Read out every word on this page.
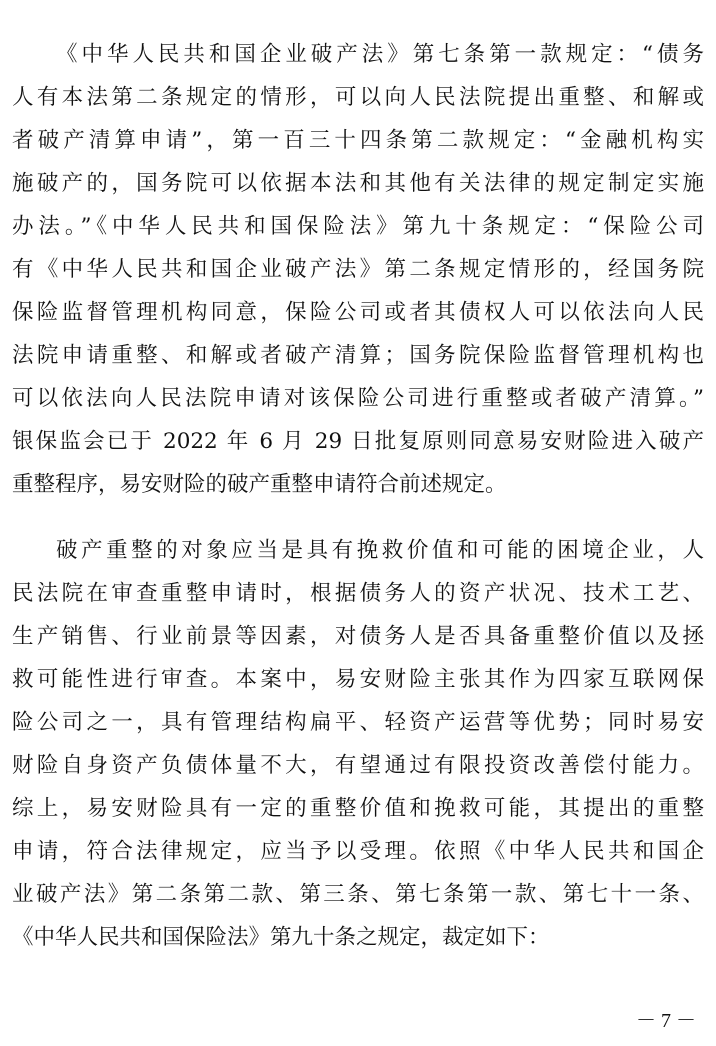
《中华人民共和国企业破产法》第七条第一款规定：“债务
人有本法第二条规定的情形，可以向人民法院提出重整、和解或
者破产清算申请”，第一百三十四条第二款规定：“金融机构实
施破产的，国务院可以依据本法和其他有关法律的规定制定实施
办法。”《中华人民共和国保险法》第九十条规定：“保险公司
有《中华人民共和国企业破产法》第二条规定情形的，经国务院
保险监督管理机构同意，保险公司或者其债权人可以依法向人民
法院申请重整、和解或者破产清算；国务院保险监督管理机构也
可以依法向人民法院申请对该保险公司进行重整或者破产清算。”
银保监会已于 2022 年 6 月 29 日批复原则同意易安财险进入破产
重整程序，易安财险的破产重整申请符合前述规定。
破产重整的对象应当是具有挽救价值和可能的困境企业，人
民法院在审查重整申请时，根据债务人的资产状况、技术工艺、
生产销售、行业前景等因素，对债务人是否具备重整价值以及拯
救可能性进行审查。本案中，易安财险主张其作为四家互联网保
险公司之一，具有管理结构扁平、轻资产运营等优势；同时易安
财险自身资产负债体量不大，有望通过有限投资改善偿付能力。
综上，易安财险具有一定的重整价值和挽救可能，其提出的重整
申请，符合法律规定，应当予以受理。依照《中华人民共和国企
业破产法》第二条第二款、第三条、第七条第一款、第七十一条、
《中华人民共和国保险法》第九十条之规定，裁定如下：
－ 7 －
